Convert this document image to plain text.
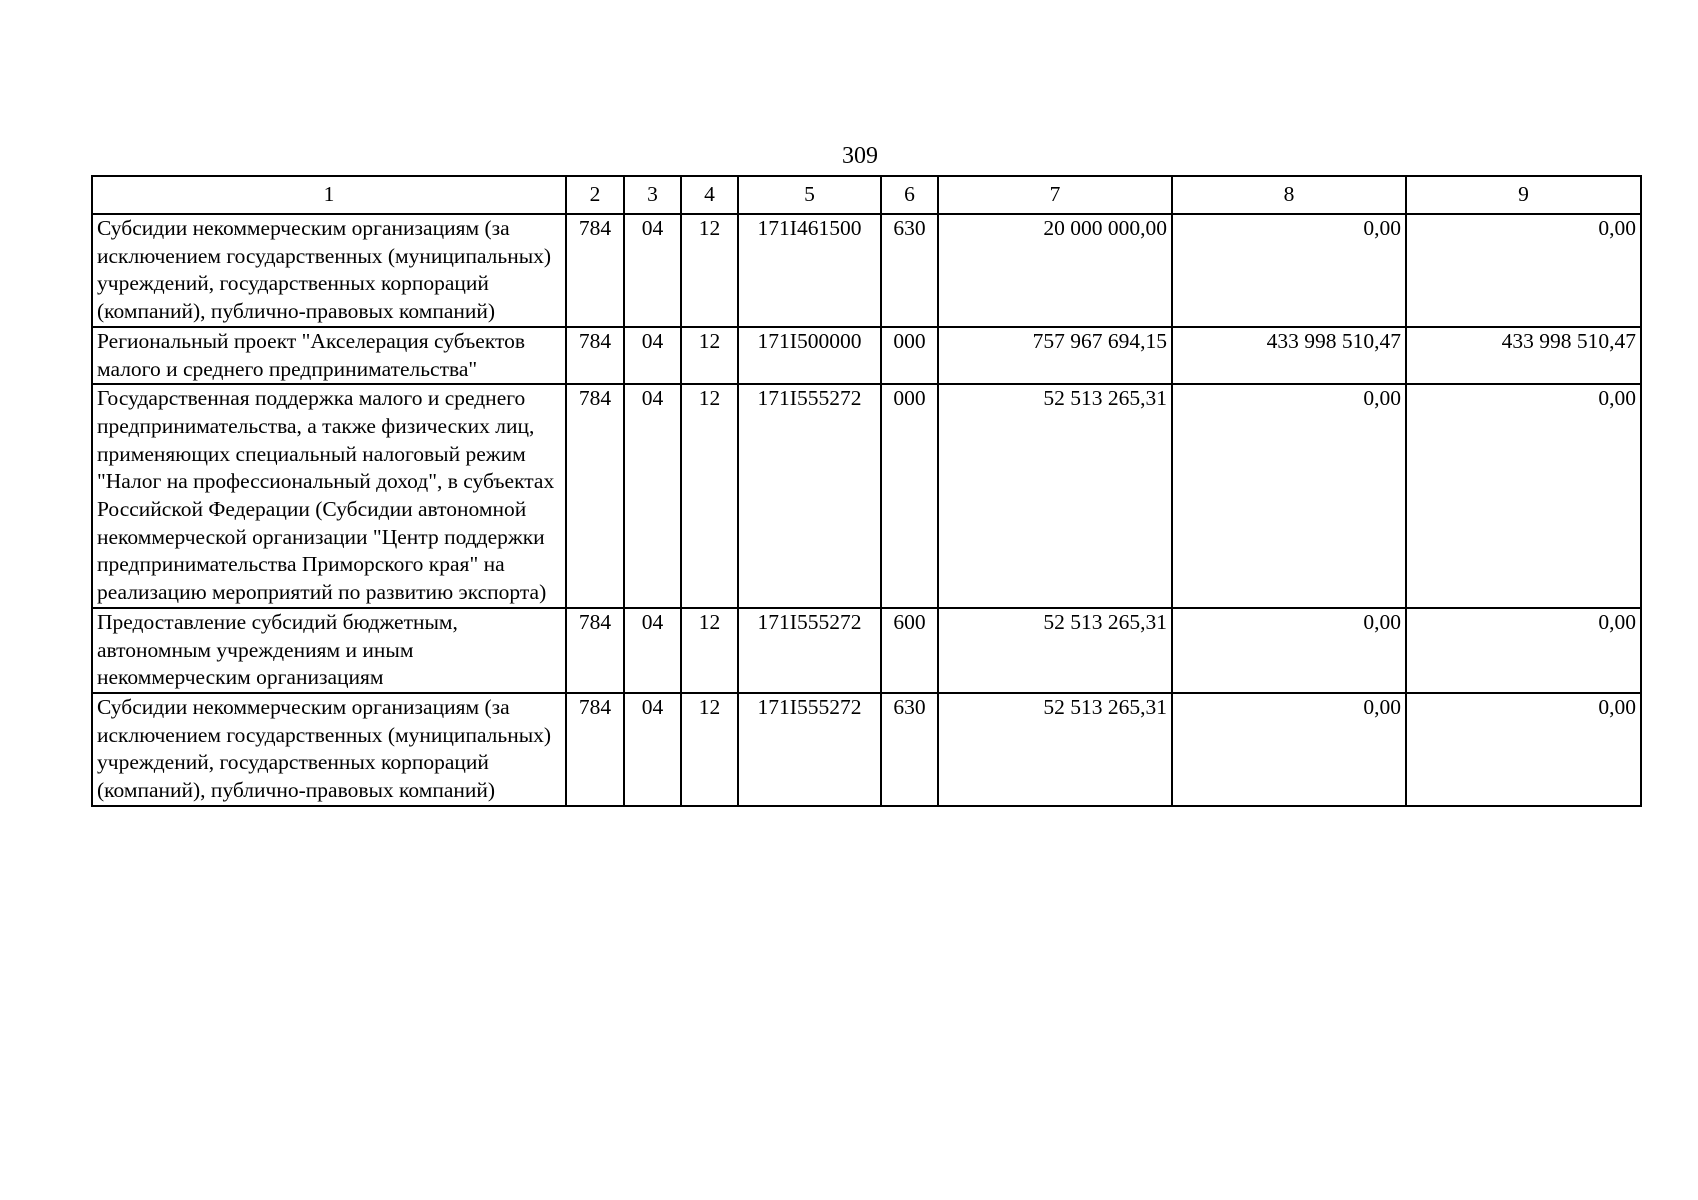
309
1	2	3	4	5	6	7	8	9
Субсидии некоммерческим организациям (за исключением государственных (муниципальных) учреждений, государственных корпораций (компаний), публично-правовых компаний)	784	04	12	171I461500	630	20 000 000,00	0,00	0,00
Региональный проект "Акселерация субъектов малого и среднего предпринимательства"	784	04	12	171I500000	000	757 967 694,15	433 998 510,47	433 998 510,47
Государственная поддержка малого и среднего предпринимательства, а также физических лиц, применяющих специальный налоговый режим "Налог на профессиональный доход", в субъектах Российской Федерации (Субсидии автономной некоммерческой организации "Центр поддержки предпринимательства Приморского края" на реализацию мероприятий по развитию экспорта)	784	04	12	171I555272	000	52 513 265,31	0,00	0,00
Предоставление субсидий бюджетным, автономным учреждениям и иным некоммерческим организациям	784	04	12	171I555272	600	52 513 265,31	0,00	0,00
Субсидии некоммерческим организациям (за исключением государственных (муниципальных) учреждений, государственных корпораций (компаний), публично-правовых компаний)	784	04	12	171I555272	630	52 513 265,31	0,00	0,00
